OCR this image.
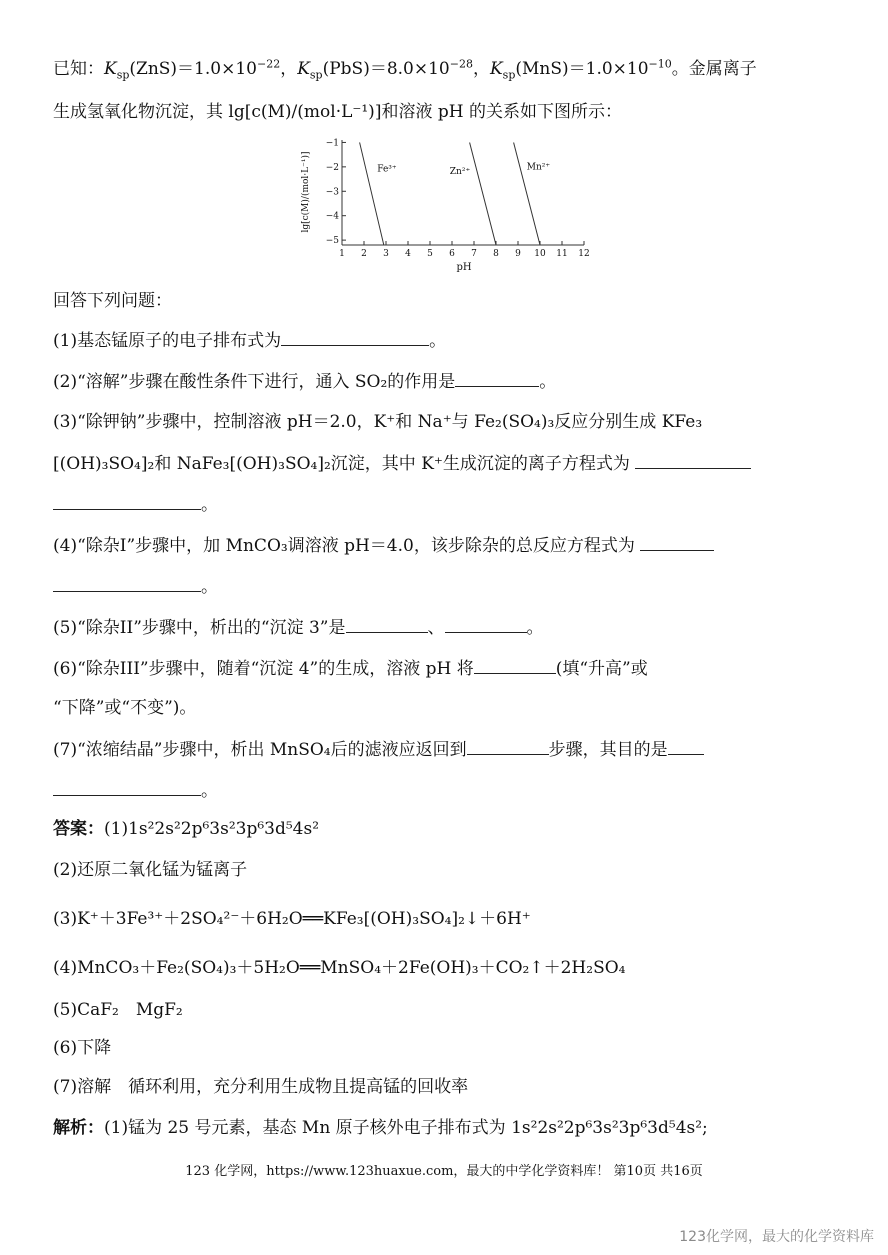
已知：$K_{sp}(ZnS)=1.0\times 10^{-22}$，$K_{sp}(PbS)=8.0\times 10^{-28}$，$K_{sp}(MnS)=1.0\times 10^{-10}$。金属离子
生成氢氧化物沉淀，其 lg[c(M)/(mol·L⁻¹)]和溶液 pH 的关系如下图所示：
lg[c(M)/(mol·L⁻¹)]
pH
−1
−2
−3
−4
−5
1 2 3 4 5 6 7 8 9 10 11 12
Fe³⁺	Zn²⁺	Mn²⁺
回答下列问题：
(1)基态锰原子的电子排布式为	。
(2)“溶解”步骤在酸性条件下进行，通入 SO₂的作用是	。
(3)“除钾钠”步骤中，控制溶液 pH＝2.0，K⁺和 Na⁺与 Fe₂(SO₄)₃反应分别生成 KFe₃
[(OH)₃SO₄]₂和 NaFe₃[(OH)₃SO₄]₂沉淀，其中 K⁺生成沉淀的离子方程式为
。
(4)“除杂I”步骤中，加 MnCO₃调溶液 pH＝4.0，该步除杂的总反应方程式为
。
(5)“除杂II”步骤中，析出的“沉淀 3”是	、	。
(6)“除杂III”步骤中，随着“沉淀 4”的生成，溶液 pH 将	(填“升高”或
“下降”或“不变”)。
(7)“浓缩结晶”步骤中，析出 MnSO₄后的滤液应返回到	步骤，其目的是
。
答案：(1)1s²2s²2p⁶3s²3p⁶3d⁵4s²
(2)还原二氧化锰为锰离子
(3)K⁺＋3Fe³⁺＋2SO₄²⁻＋6H₂O══KFe₃[(OH)₃SO₄]₂↓＋6H⁺
(4)MnCO₃＋Fe₂(SO₄)₃＋5H₂O══MnSO₄＋2Fe(OH)₃＋CO₂↑＋2H₂SO₄
(5)CaF₂　MgF₂
(6)下降
(7)溶解　循环利用，充分利用生成物且提高锰的回收率
解析：(1)锰为 25 号元素，基态 Mn 原子核外电子排布式为 1s²2s²2p⁶3s²3p⁶3d⁵4s²;
123 化学网，https://www.123huaxue.com，最大的中学化学资料库！ 第10页 共16页
123化学网，最大的化学资料库
